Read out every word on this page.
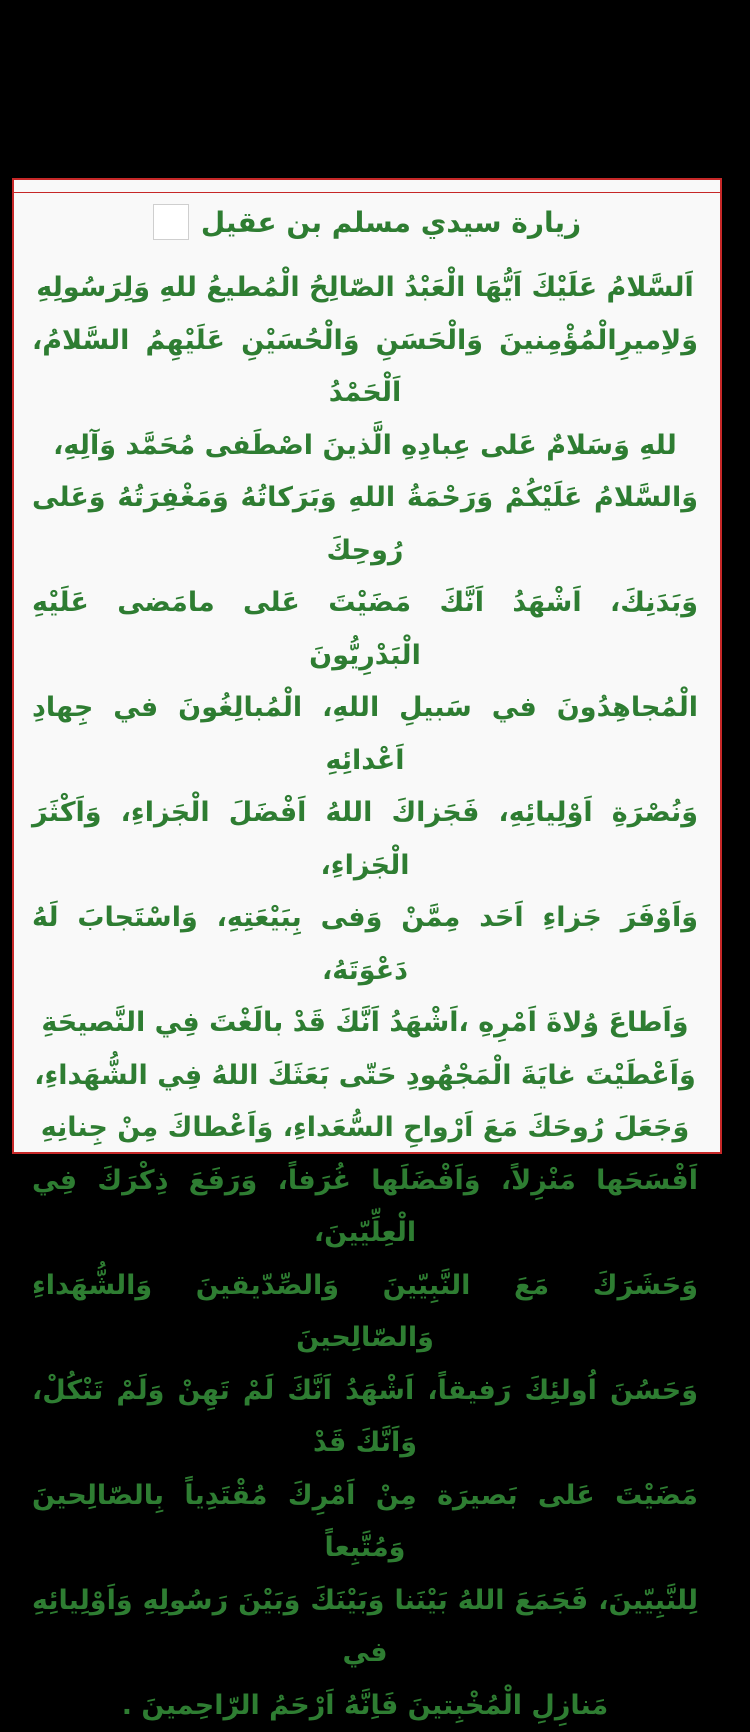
زيارة سيدي مسلم بن عقيل
اَلسَّلامُ عَلَيْكَ اَيُّهَا الْعَبْدُ الصّالِحُ الْمُطيعُ للهِ وَلِرَسُولِهِ
وَلاِميرِالْمُؤْمِنينَ وَالْحَسَنِ وَالْحُسَيْنِ عَلَيْهِمُ السَّلامُ، اَلْحَمْدُ
للهِ وَسَلامٌ عَلى عِبادِهِ الَّذينَ اصْطَفى مُحَمَّد وَآلِهِ،
وَالسَّلامُ عَلَيْكُمْ وَرَحْمَةُ اللهِ وَبَرَكاتُهُ وَمَغْفِرَتُهُ وَعَلى رُوحِكَ
وَبَدَنِكَ، اَشْهَدُ اَنَّكَ مَضَيْتَ عَلى مامَضى عَلَيْهِ الْبَدْرِيُّونَ
الْمُجاهِدُونَ في سَبيلِ اللهِ، الْمُبالِغُونَ في جِهادِ اَعْدائِهِ
وَنُصْرَةِ اَوْلِيائِهِ، فَجَزاكَ اللهُ اَفْضَلَ الْجَزاءِ، وَاَكْثَرَ الْجَزاءِ،
وَاَوْفَرَ جَزاءِ اَحَد مِمَّنْ وَفى بِبَيْعَتِهِ، وَاسْتَجابَ لَهُ دَعْوَتَهُ،
وَاَطاعَ وُلاةَ اَمْرِهِ ،اَشْهَدُ اَنَّكَ قَدْ بالَغْتَ فِي النَّصيحَةِ
وَاَعْطَيْتَ غايَةَ الْمَجْهُودِ حَتّى بَعَثَكَ اللهُ فِي الشُّهَداءِ،
وَجَعَلَ رُوحَكَ مَعَ اَرْواحِ السُّعَداءِ، وَاَعْطاكَ مِنْ جِنانِهِ
اَفْسَحَها مَنْزِلاً، وَاَفْضَلَها غُرَفاً، وَرَفَعَ ذِكْرَكَ فِي الْعِلِّيّينَ،
وَحَشَرَكَ مَعَ النَّبِيّينَ وَالصِّدّيقينَ وَالشُّهَداءِ وَالصّالِحينَ
وَحَسُنَ اُولئِكَ رَفيقاً، اَشْهَدُ اَنَّكَ لَمْ تَهِنْ وَلَمْ تَنْكُلْ، وَاَنَّكَ قَدْ
مَضَيْتَ عَلى بَصيرَة مِنْ اَمْرِكَ مُقْتَدِياً بِالصّالِحينَ وَمُتَّبِعاً
لِلنَّبِيّينَ، فَجَمَعَ اللهُ بَيْنَنا وَبَيْنَكَ وَبَيْنَ رَسُولِهِ وَاَوْلِيائِهِ في
مَنازِلِ الْمُخْبِتينَ فَاِنَّهُ اَرْحَمُ الرّاحِمينَ .
